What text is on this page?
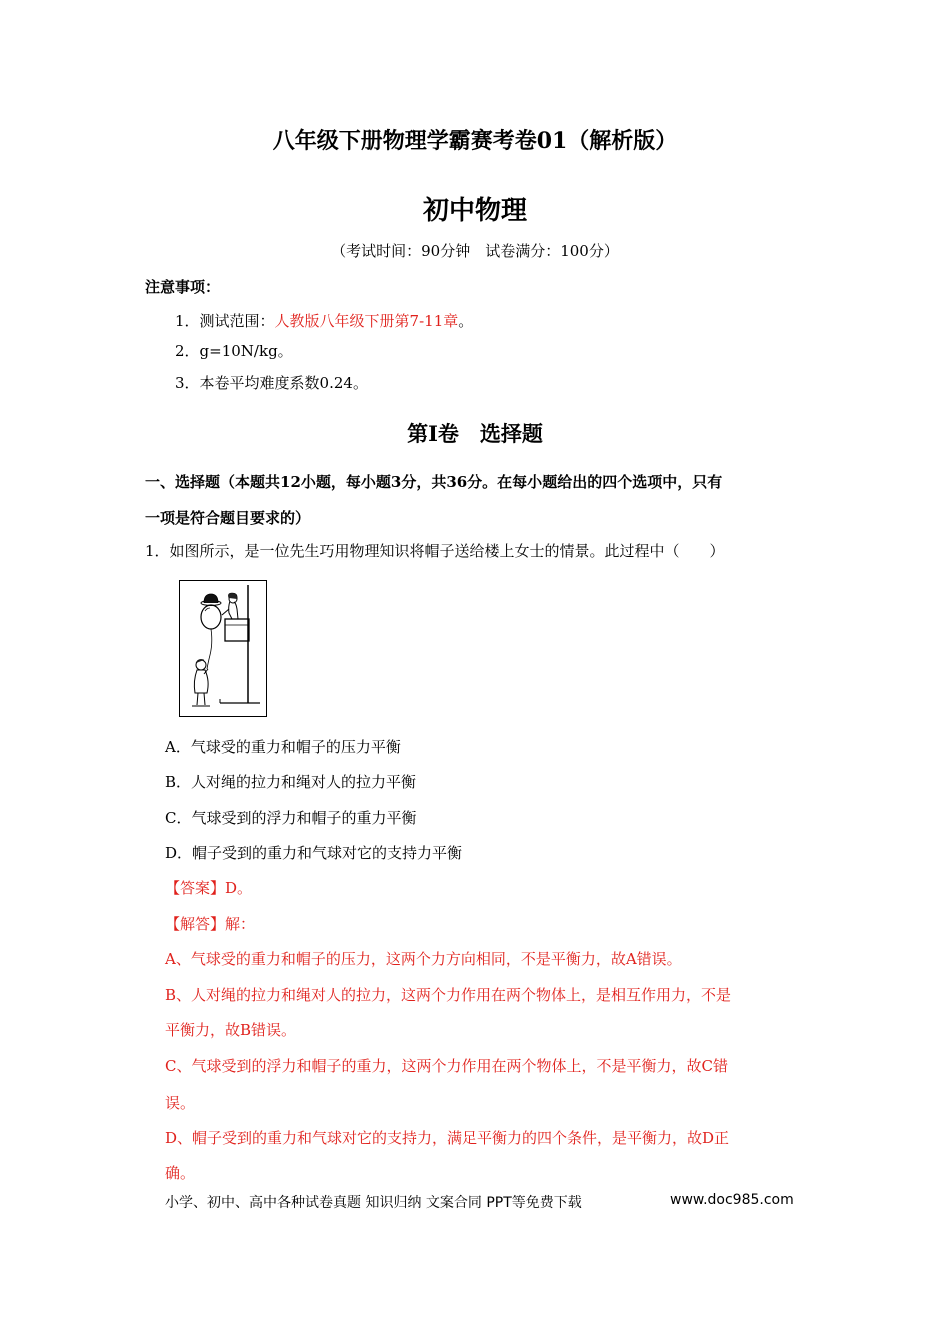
八年级下册物理学霸赛考卷01（解析版）
初中物理
（考试时间：90分钟　试卷满分：100分）
注意事项：
1．测试范围：人教版八年级下册第7-11章。
2．g=10N/kg。
3．本卷平均难度系数0.24。
第Ⅰ卷　选择题
一、选择题（本题共12小题，每小题3分，共36分。在每小题给出的四个选项中，只有
一项是符合题目要求的）
1．如图所示，是一位先生巧用物理知识将帽子送给楼上女士的情景。此过程中（　　）
A．气球受的重力和帽子的压力平衡
B．人对绳的拉力和绳对人的拉力平衡
C．气球受到的浮力和帽子的重力平衡
D．帽子受到的重力和气球对它的支持力平衡
【答案】D。
【解答】解：
A、气球受的重力和帽子的压力，这两个力方向相同，不是平衡力，故A错误。
B、人对绳的拉力和绳对人的拉力，这两个力作用在两个物体上，是相互作用力，不是
平衡力，故B错误。
C、气球受到的浮力和帽子的重力，这两个力作用在两个物体上，不是平衡力，故C错
误。
D、帽子受到的重力和气球对它的支持力，满足平衡力的四个条件，是平衡力，故D正
确。
小学、初中、高中各种试卷真题 知识归纳 文案合同 PPT等免费下载	www.doc985.com
